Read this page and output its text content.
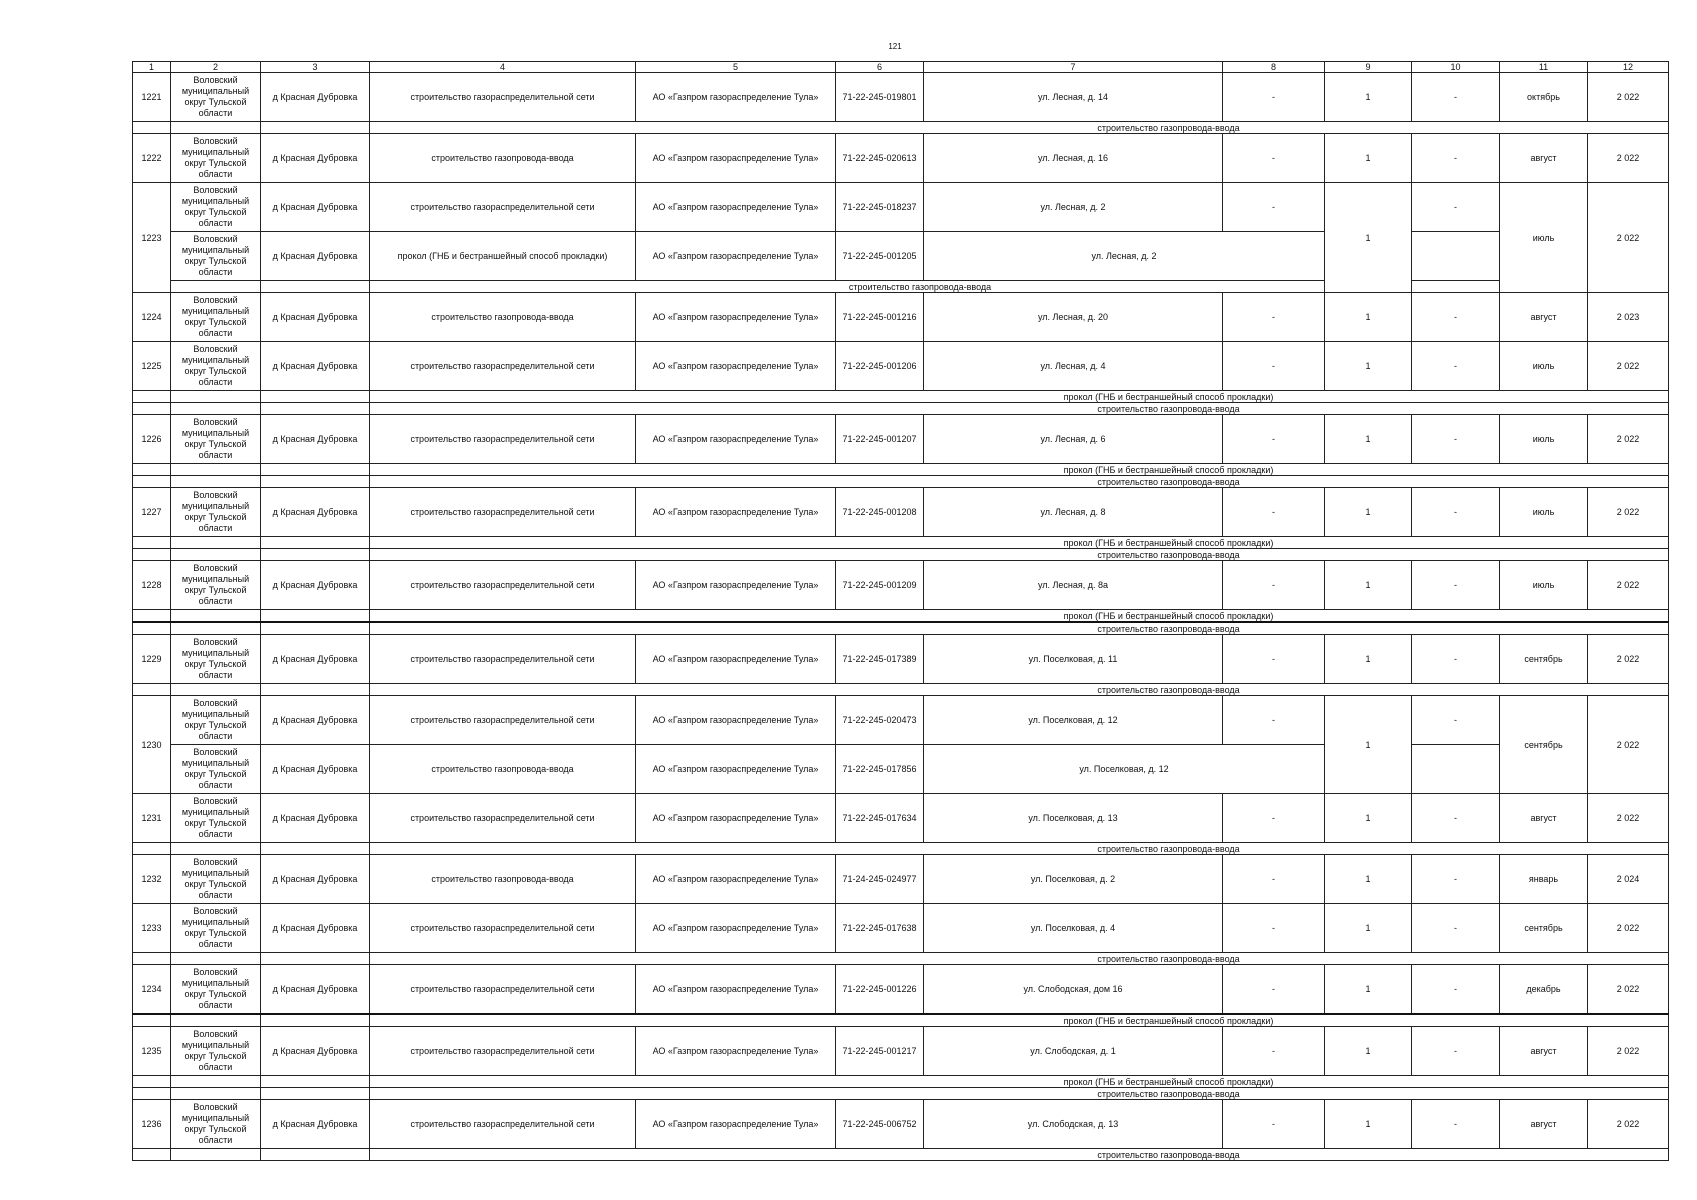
121
1	2	3	4	5	6	7	8	9	10	11	12
1221	Воловский муниципальный округ Тульской области	д Красная Дубровка	строительство газораспределительной сети	АО «Газпром газораспределение Тула»	71-22-245-019801	ул. Лесная, д. 14	-	1	-	октябрь	2 022
			строительство газопровода-ввода								
1222	Воловский муниципальный округ Тульской области	д Красная Дубровка	строительство газопровода-ввода	АО «Газпром газораспределение Тула»	71-22-245-020613	ул. Лесная, д. 16	-	1	-	август	2 022
1223	Воловский муниципальный округ Тульской области	д Красная Дубровка	строительство газораспределительной сети	АО «Газпром газораспределение Тула»	71-22-245-018237	ул. Лесная, д. 2	-	1	-	июль	2 022
	Воловский муниципальный округ Тульской области	д Красная Дубровка	прокол (ГНБ и бестраншейный способ прокладки)	АО «Газпром газораспределение Тула»	71-22-245-001205	ул. Лесная, д. 2					
			строительство газопровода-ввода								
1224	Воловский муниципальный округ Тульской области	д Красная Дубровка	строительство газопровода-ввода	АО «Газпром газораспределение Тула»	71-22-245-001216	ул. Лесная, д. 20	-	1	-	август	2 023
1225	Воловский муниципальный округ Тульской области	д Красная Дубровка	строительство газораспределительной сети	АО «Газпром газораспределение Тула»	71-22-245-001206	ул. Лесная, д. 4	-	1	-	июль	2 022
			прокол (ГНБ и бестраншейный способ прокладки)								
			строительство газопровода-ввода								
1226	Воловский муниципальный округ Тульской области	д Красная Дубровка	строительство газораспределительной сети	АО «Газпром газораспределение Тула»	71-22-245-001207	ул. Лесная, д. 6	-	1	-	июль	2 022
			прокол (ГНБ и бестраншейный способ прокладки)								
			строительство газопровода-ввода								
1227	Воловский муниципальный округ Тульской области	д Красная Дубровка	строительство газораспределительной сети	АО «Газпром газораспределение Тула»	71-22-245-001208	ул. Лесная, д. 8	-	1	-	июль	2 022
			прокол (ГНБ и бестраншейный способ прокладки)								
			строительство газопровода-ввода								
1228	Воловский муниципальный округ Тульской области	д Красная Дубровка	строительство газораспределительной сети	АО «Газпром газораспределение Тула»	71-22-245-001209	ул. Лесная, д. 8а	-	1	-	июль	2 022
			прокол (ГНБ и бестраншейный способ прокладки)								
			строительство газопровода-ввода								
1229	Воловский муниципальный округ Тульской области	д Красная Дубровка	строительство газораспределительной сети	АО «Газпром газораспределение Тула»	71-22-245-017389	ул. Поселковая, д. 11	-	1	-	сентябрь	2 022
			строительство газопровода-ввода								
1230	Воловский муниципальный округ Тульской области	д Красная Дубровка	строительство газораспределительной сети	АО «Газпром газораспределение Тула»	71-22-245-020473	ул. Поселковая, д. 12	-	1	-	сентябрь	2 022
	Воловский муниципальный округ Тульской области	д Красная Дубровка	строительство газопровода-ввода	АО «Газпром газораспределение Тула»	71-22-245-017856	ул. Поселковая, д. 12					
1231	Воловский муниципальный округ Тульской области	д Красная Дубровка	строительство газораспределительной сети	АО «Газпром газораспределение Тула»	71-22-245-017634	ул. Поселковая, д. 13	-	1	-	август	2 022
			строительство газопровода-ввода								
1232	Воловский муниципальный округ Тульской области	д Красная Дубровка	строительство газопровода-ввода	АО «Газпром газораспределение Тула»	71-24-245-024977	ул. Поселковая, д. 2	-	1	-	январь	2 024
1233	Воловский муниципальный округ Тульской области	д Красная Дубровка	строительство газораспределительной сети	АО «Газпром газораспределение Тула»	71-22-245-017638	ул. Поселковая, д. 4	-	1	-	сентябрь	2 022
			строительство газопровода-ввода								
1234	Воловский муниципальный округ Тульской области	д Красная Дубровка	строительство газораспределительной сети	АО «Газпром газораспределение Тула»	71-22-245-001226	ул. Слободская, дом 16	-	1	-	декабрь	2 022
			прокол (ГНБ и бестраншейный способ прокладки)								
1235	Воловский муниципальный округ Тульской области	д Красная Дубровка	строительство газораспределительной сети	АО «Газпром газораспределение Тула»	71-22-245-001217	ул. Слободская, д. 1	-	1	-	август	2 022
			прокол (ГНБ и бестраншейный способ прокладки)								
			строительство газопровода-ввода								
1236	Воловский муниципальный округ Тульской области	д Красная Дубровка	строительство газораспределительной сети	АО «Газпром газораспределение Тула»	71-22-245-006752	ул. Слободская, д. 13	-	1	-	август	2 022
			строительство газопровода-ввода								
